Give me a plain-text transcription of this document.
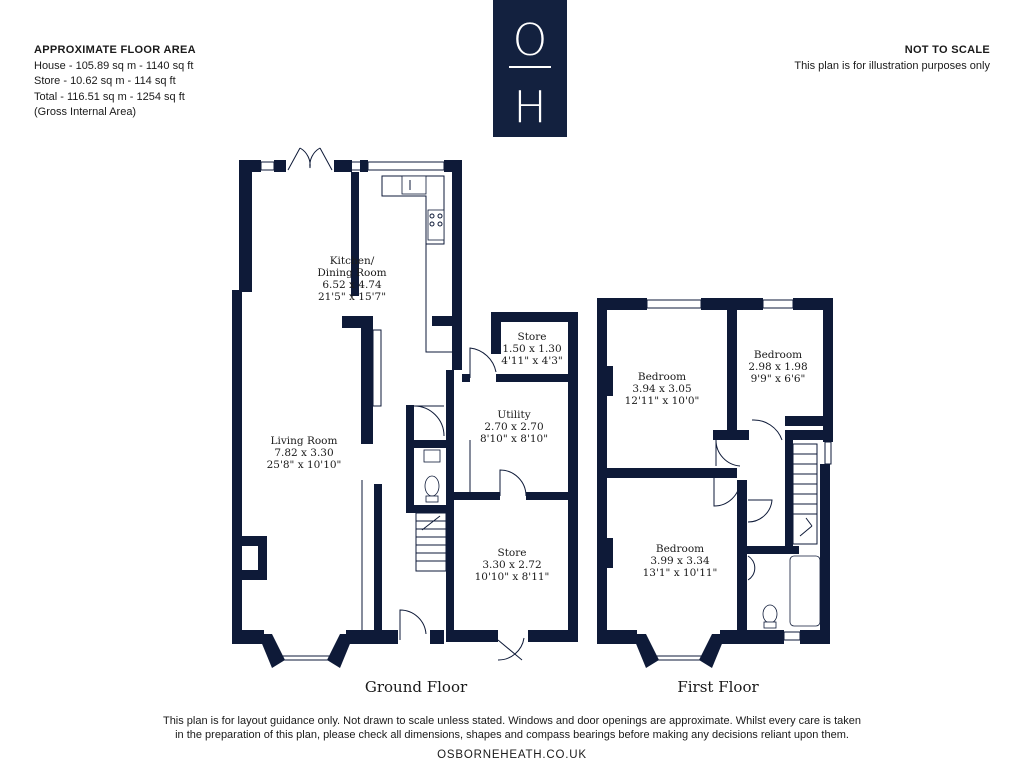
APPROXIMATE FLOOR AREA
House - 105.89 sq m - 1140 sq ft
Store - 10.62 sq m - 114 sq ft
Total - 116.51 sq m - 1254 sq ft
(Gross Internal Area)
NOT TO SCALE
This plan is for illustration purposes only
O
H
Kitchen/
Dining Room
6.52 x 4.74
21'5" x 15'7"
Living Room
7.82 x 3.30
25'8" x 10'10"
Store
1.50 x 1.30
4'11" x 4'3"
Utility
2.70 x 2.70
8'10" x 8'10"
Store
3.30 x 2.72
10'10" x 8'11"
Ground Floor
Bedroom
3.94 x 3.05
12'11" x 10'0"
Bedroom
2.98 x 1.98
9'9" x 6'6"
Bedroom
3.99 x 3.34
13'1" x 10'11"
First Floor
This plan is for layout guidance only. Not drawn to scale unless stated. Windows and door openings are approximate. Whilst every care is taken
in the preparation of this plan, please check all dimensions, shapes and compass bearings before making any decisions reliant upon them.
OSBORNEHEATH.CO.UK
